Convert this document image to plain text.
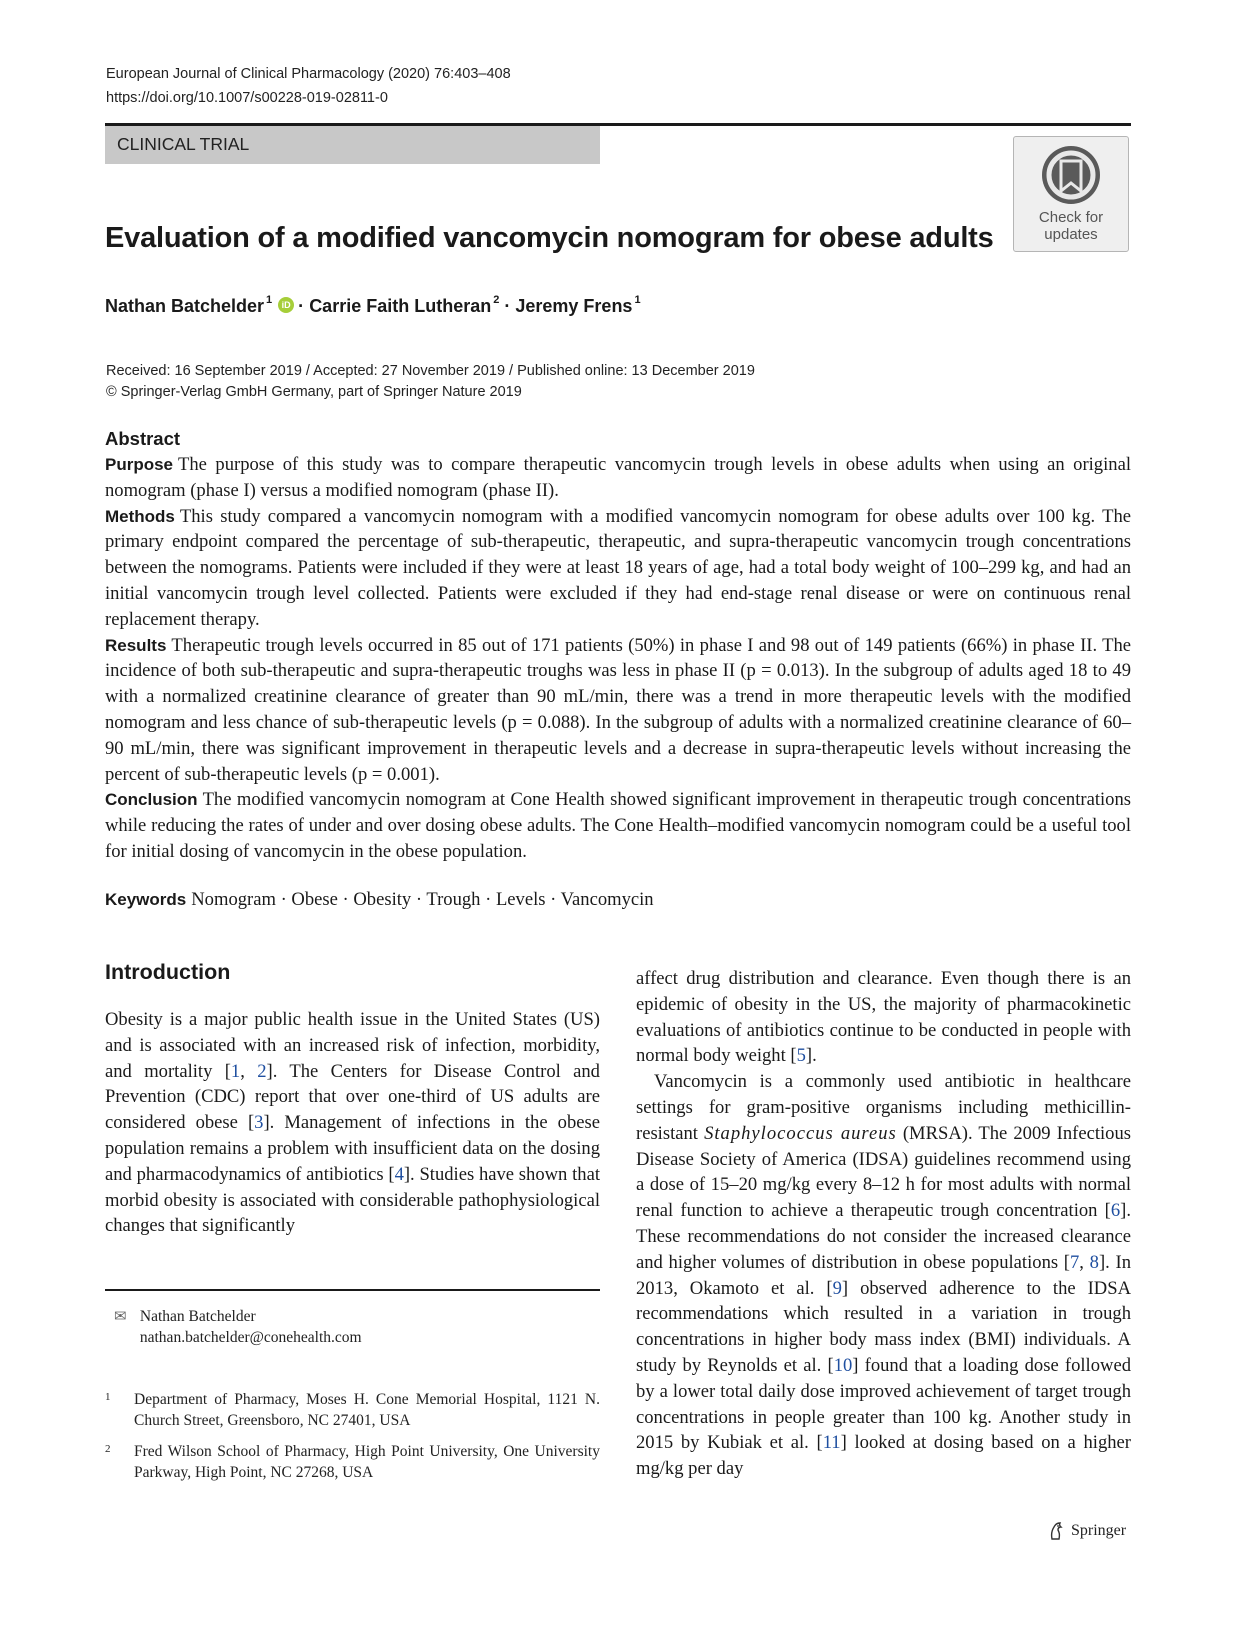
European Journal of Clinical Pharmacology (2020) 76:403–408
https://doi.org/10.1007/s00228-019-02811-0
CLINICAL TRIAL
Check for
updates
Evaluation of a modified vancomycin nomogram for obese adults
Nathan Batchelder $^1$ iD · Carrie Faith Lutheran $^2$ · Jeremy Frens $^1$
Received: 16 September 2019 / Accepted: 27 November 2019 / Published online: 13 December 2019
© Springer-Verlag GmbH Germany, part of Springer Nature 2019
Abstract

Purpose The purpose of this study was to compare therapeutic vancomycin trough levels in obese adults when using an original nomogram (phase I) versus a modified nomogram (phase II).

Methods This study compared a vancomycin nomogram with a modified vancomycin nomogram for obese adults over 100 kg. The primary endpoint compared the percentage of sub-therapeutic, therapeutic, and supra-therapeutic vancomycin trough concentrations between the nomograms. Patients were included if they were at least 18 years of age, had a total body weight of 100–299 kg, and had an initial vancomycin trough level collected. Patients were excluded if they had end-stage renal disease or were on continuous renal replacement therapy.

Results Therapeutic trough levels occurred in 85 out of 171 patients (50%) in phase I and 98 out of 149 patients (66%) in phase II. The incidence of both sub-therapeutic and supra-therapeutic troughs was less in phase II (p = 0.013). In the subgroup of adults aged 18 to 49 with a normalized creatinine clearance of greater than 90 mL/min, there was a trend in more therapeutic levels with the modified nomogram and less chance of sub-therapeutic levels (p = 0.088). In the subgroup of adults with a normalized creatinine clearance of 60–90 mL/min, there was significant improvement in therapeutic levels and a decrease in supra-therapeutic levels without increasing the percent of sub-therapeutic levels (p = 0.001).

Conclusion The modified vancomycin nomogram at Cone Health showed significant improvement in therapeutic trough concentrations while reducing the rates of under and over dosing obese adults. The Cone Health–modified vancomycin nomogram could be a useful tool for initial dosing of vancomycin in the obese population.

Keywords Nomogram · Obese · Obesity · Trough · Levels · Vancomycin
Introduction

Obesity is a major public health issue in the United States (US) and is associated with an increased risk of infection, morbidity, and mortality [1, 2]. The Centers for Disease Control and Prevention (CDC) report that over one-third of US adults are considered obese [3]. Management of infections in the obese population remains a problem with insufficient data on the dosing and pharmacodynamics of antibiotics [4]. Studies have shown that morbid obesity is associated with considerable pathophysiological changes that significantly

✉ Nathan Batchelder
nathan.batchelder@conehealth.com
1 Department of Pharmacy, Moses H. Cone Memorial Hospital, 1121 N. Church Street, Greensboro, NC 27401, USA
2 Fred Wilson School of Pharmacy, High Point University, One University Parkway, High Point, NC 27268, USA

affect drug distribution and clearance. Even though there is an epidemic of obesity in the US, the majority of pharmacokinetic evaluations of antibiotics continue to be conducted in people with normal body weight [5].

Vancomycin is a commonly used antibiotic in healthcare settings for gram-positive organisms including methicillin-resistant Staphylococcus aureus (MRSA). The 2009 Infectious Disease Society of America (IDSA) guidelines recommend using a dose of 15–20 mg/kg every 8–12 h for most adults with normal renal function to achieve a therapeutic trough concentration [6]. These recommendations do not consider the increased clearance and higher volumes of distribution in obese populations [7, 8]. In 2013, Okamoto et al. [9] observed adherence to the IDSA recommendations which resulted in a variation in trough concentrations in higher body mass index (BMI) individuals. A study by Reynolds et al. [10] found that a loading dose followed by a lower total daily dose improved achievement of target trough concentrations in people greater than 100 kg. Another study in 2015 by Kubiak et al. [11] looked at dosing based on a higher mg/kg per day

Springer
